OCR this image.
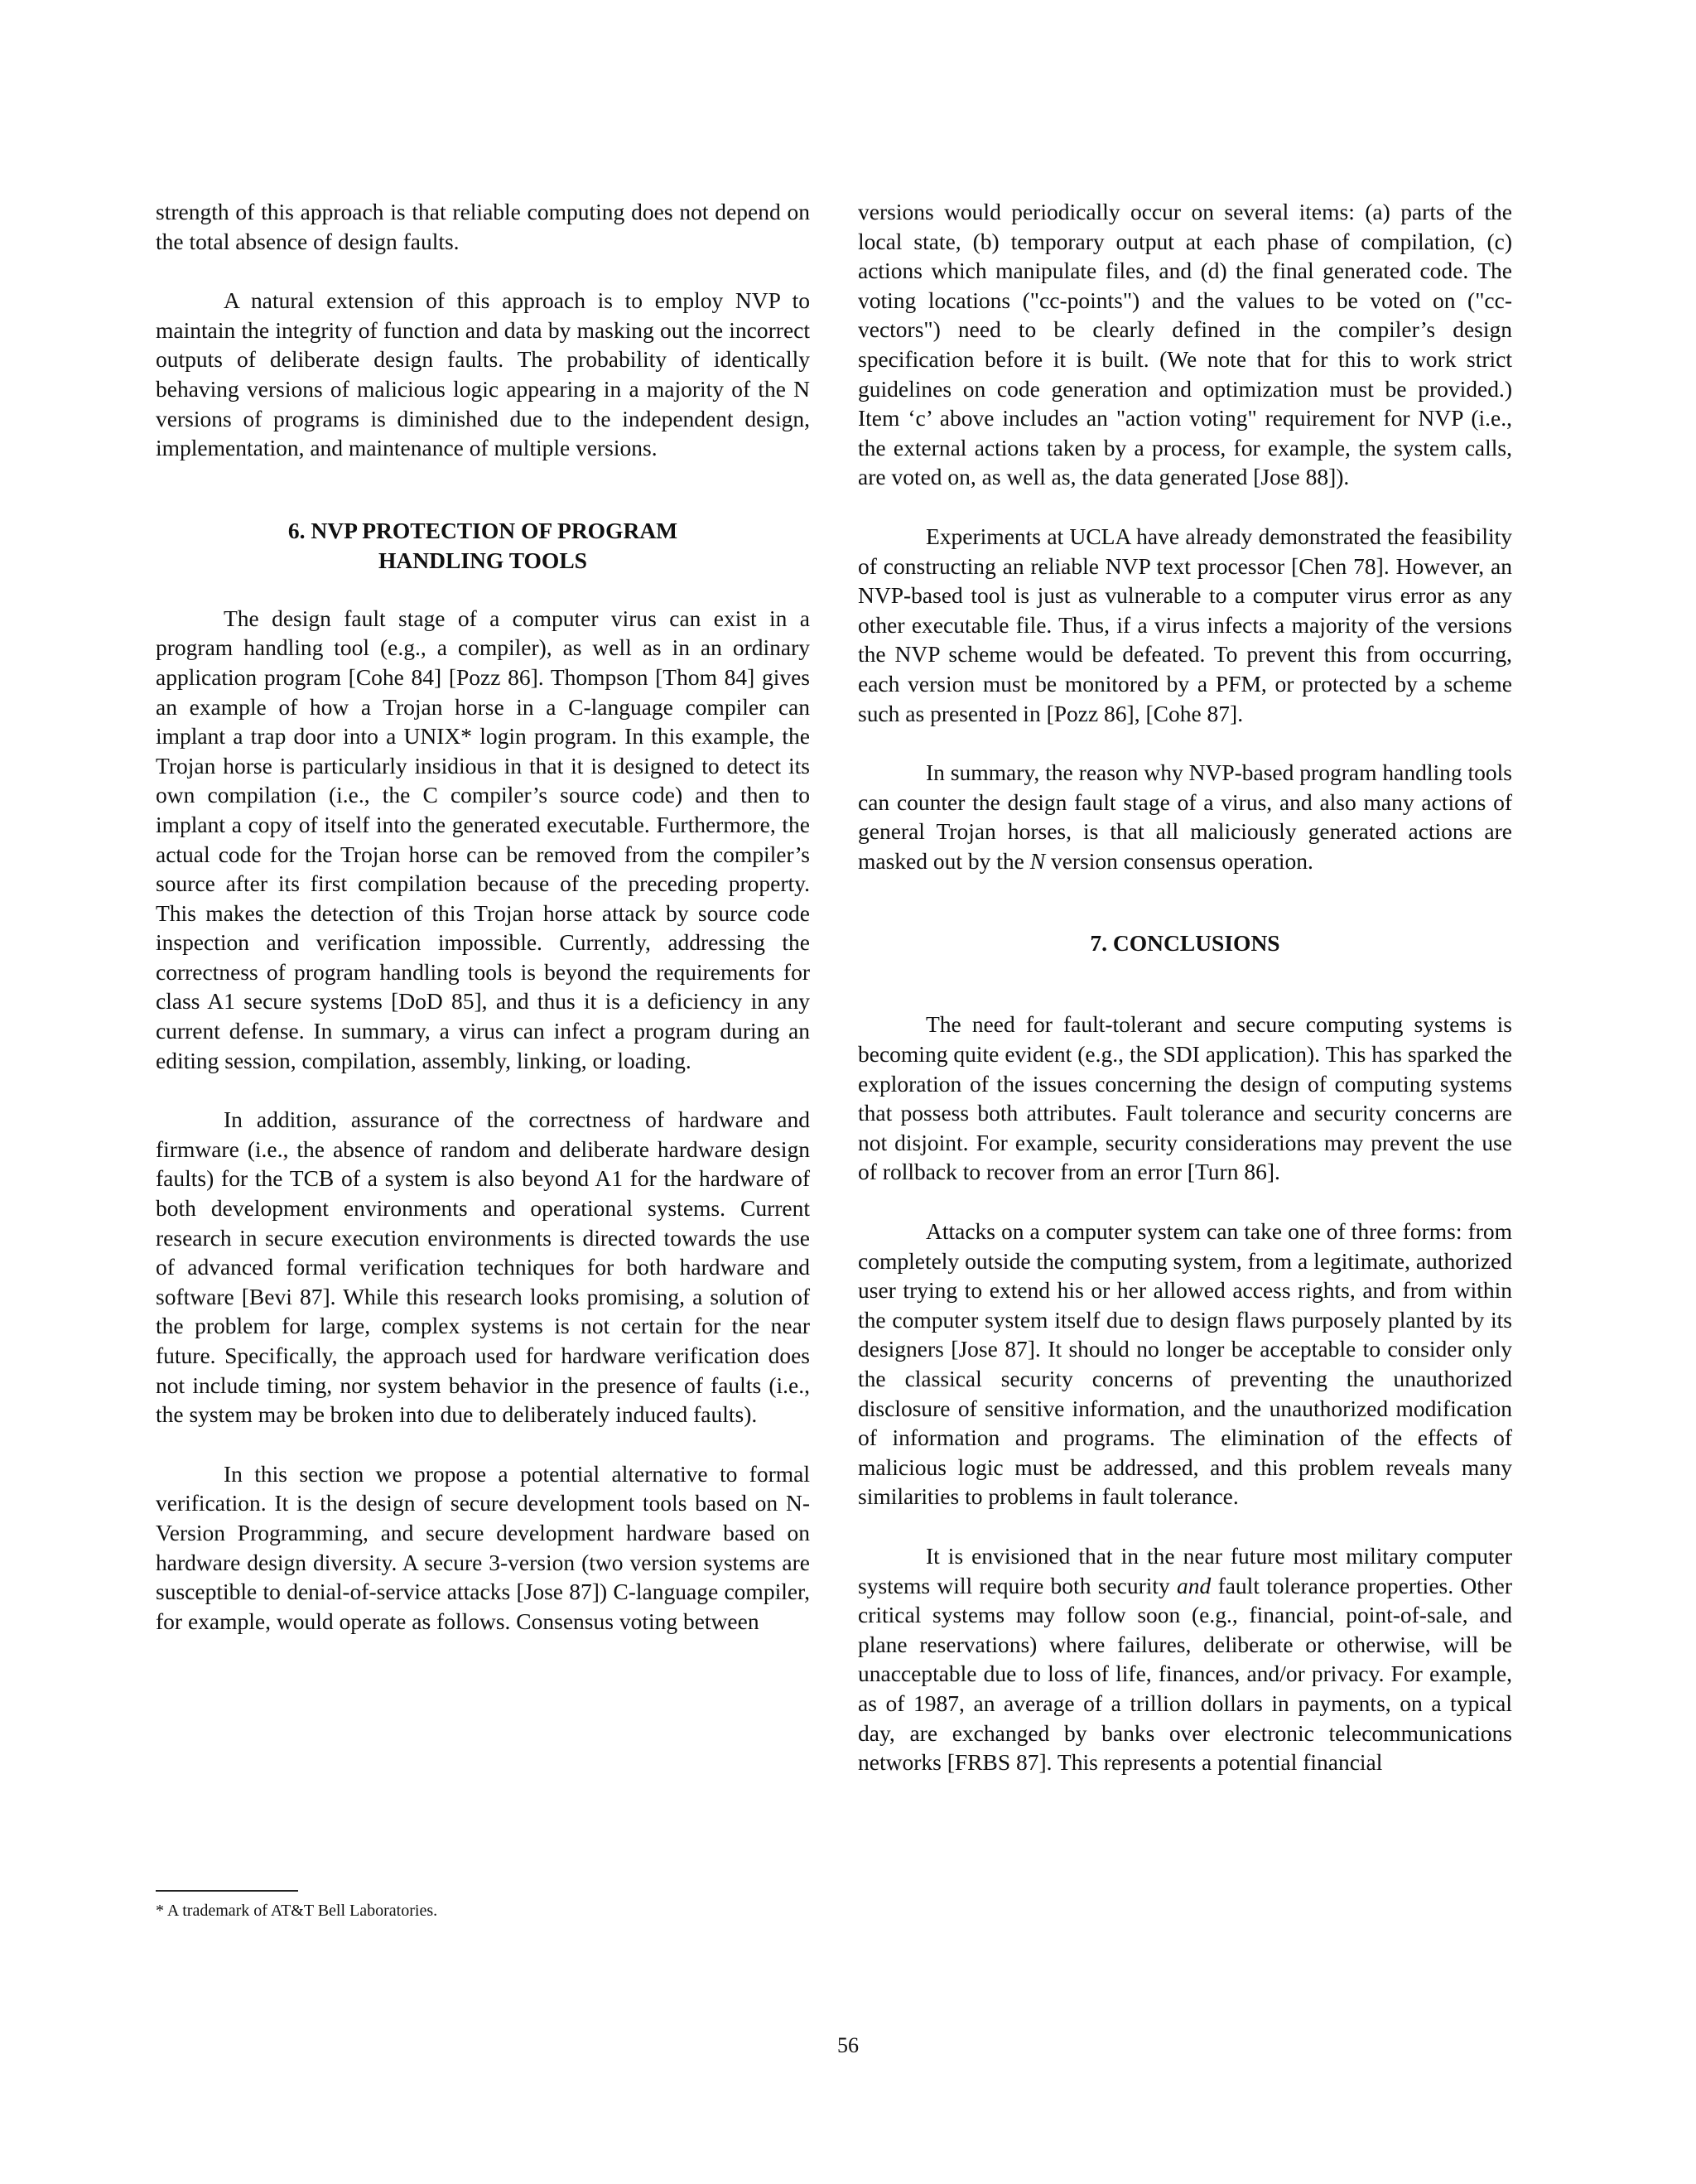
strength of this approach is that reliable computing does not depend on the total absence of design faults.

A natural extension of this approach is to employ NVP to maintain the integrity of function and data by masking out the incorrect outputs of deliberate design faults. The probability of identically behaving versions of malicious logic appearing in a majority of the N versions of programs is diminished due to the independent design, implementation, and maintenance of multiple versions.

6. NVP PROTECTION OF PROGRAM
HANDLING TOOLS

The design fault stage of a computer virus can exist in a program handling tool (e.g., a compiler), as well as in an ordinary application program [Cohe 84] [Pozz 86]. Thompson [Thom 84] gives an example of how a Trojan horse in a C-language compiler can implant a trap door into a UNIX* login program. In this example, the Trojan horse is particularly insidious in that it is designed to detect its own compilation (i.e., the C compiler’s source code) and then to implant a copy of itself into the generated executable. Furthermore, the actual code for the Trojan horse can be removed from the compiler’s source after its first compilation because of the preceding property. This makes the detection of this Trojan horse attack by source code inspection and verification impossible. Currently, addressing the correctness of program handling tools is beyond the requirements for class A1 secure systems [DoD 85], and thus it is a deficiency in any current defense. In summary, a virus can infect a program during an editing session, compilation, assembly, linking, or loading.

In addition, assurance of the correctness of hardware and firmware (i.e., the absence of random and deliberate hardware design faults) for the TCB of a system is also beyond A1 for the hardware of both development environments and operational systems. Current research in secure execution environments is directed towards the use of advanced formal verification techniques for both hardware and software [Bevi 87]. While this research looks promising, a solution of the problem for large, complex systems is not certain for the near future. Specifically, the approach used for hardware verification does not include timing, nor system behavior in the presence of faults (i.e., the system may be broken into due to deliberately induced faults).

In this section we propose a potential alternative to formal verification. It is the design of secure development tools based on N-Version Programming, and secure development hardware based on hardware design diversity. A secure 3-version (two version systems are susceptible to denial-of-service attacks [Jose 87]) C-language compiler, for example, would operate as follows. Consensus voting between

* A trademark of AT&T Bell Laboratories.

versions would periodically occur on several items: (a) parts of the local state, (b) temporary output at each phase of compilation, (c) actions which manipulate files, and (d) the final generated code. The voting locations ("cc-points") and the values to be voted on ("cc-vectors") need to be clearly defined in the compiler’s design specification before it is built. (We note that for this to work strict guidelines on code generation and optimization must be provided.) Item ‘c’ above includes an "action voting" requirement for NVP (i.e., the external actions taken by a process, for example, the system calls, are voted on, as well as, the data generated [Jose 88]).

Experiments at UCLA have already demonstrated the feasibility of constructing an reliable NVP text processor [Chen 78]. However, an NVP-based tool is just as vulnerable to a computer virus error as any other executable file. Thus, if a virus infects a majority of the versions the NVP scheme would be defeated. To prevent this from occurring, each version must be monitored by a PFM, or protected by a scheme such as presented in [Pozz 86], [Cohe 87].

In summary, the reason why NVP-based program handling tools can counter the design fault stage of a virus, and also many actions of general Trojan horses, is that all maliciously generated actions are masked out by the N version consensus operation.

7. CONCLUSIONS

The need for fault-tolerant and secure computing systems is becoming quite evident (e.g., the SDI application). This has sparked the exploration of the issues concerning the design of computing systems that possess both attributes. Fault tolerance and security concerns are not disjoint. For example, security considerations may prevent the use of rollback to recover from an error [Turn 86].

Attacks on a computer system can take one of three forms: from completely outside the computing system, from a legitimate, authorized user trying to extend his or her allowed access rights, and from within the computer system itself due to design flaws purposely planted by its designers [Jose 87]. It should no longer be acceptable to consider only the classical security concerns of preventing the unauthorized disclosure of sensitive information, and the unauthorized modification of information and programs. The elimination of the effects of malicious logic must be addressed, and this problem reveals many similarities to problems in fault tolerance.

It is envisioned that in the near future most military computer systems will require both security and fault tolerance properties. Other critical systems may follow soon (e.g., financial, point-of-sale, and plane reservations) where failures, deliberate or otherwise, will be unacceptable due to loss of life, finances, and/or privacy. For example, as of 1987, an average of a trillion dollars in payments, on a typical day, are exchanged by banks over electronic telecommunications networks [FRBS 87]. This represents a potential financial

56
